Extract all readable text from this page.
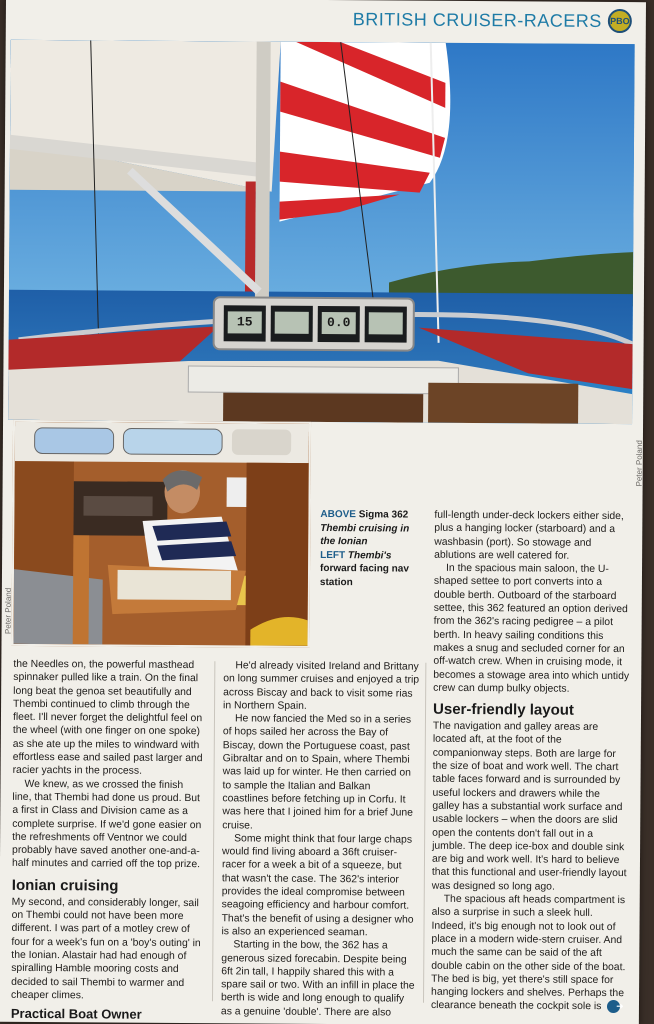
BRITISH CRUISER-RACERS PBO
15	0.0
Peter Poland
Peter Poland
ABOVE Sigma 362 Thembi cruising in the Ionian
LEFT Thembi's forward facing nav station

the Needles on, the powerful masthead spinnaker pulled like a train. On the final long beat the genoa set beautifully and Thembi continued to climb through the fleet. I'll never forget the delightful feel on the wheel (with one finger on one spoke) as she ate up the miles to windward with effortless ease and sailed past larger and racier yachts in the process.

We knew, as we crossed the finish line, that Thembi had done us proud. But a first in Class and Division came as a complete surprise. If we'd gone easier on the refreshments off Ventnor we could probably have saved another one-and-a-half minutes and carried off the top prize.

Ionian cruising

My second, and considerably longer, sail on Thembi could not have been more different. I was part of a motley crew of four for a week's fun on a 'boy's outing' in the Ionian. Alastair had had enough of spiralling Hamble mooring costs and decided to sail Thembi to warmer and cheaper climes.

He'd already visited Ireland and Brittany on long summer cruises and enjoyed a trip across Biscay and back to visit some rias in Northern Spain.

He now fancied the Med so in a series of hops sailed her across the Bay of Biscay, down the Portuguese coast, past Gibraltar and on to Spain, where Thembi was laid up for winter. He then carried on to sample the Italian and Balkan coastlines before fetching up in Corfu. It was here that I joined him for a brief June cruise.

Some might think that four large chaps would find living aboard a 36ft cruiser-racer for a week a bit of a squeeze, but that wasn't the case. The 362's interior provides the ideal compromise between seagoing efficiency and harbour comfort. That's the benefit of using a designer who is also an experienced seaman.

Starting in the bow, the 362 has a generous sized forecabin. Despite being 6ft 2in tall, I happily shared this with a spare sail or two. With an infill in place the berth is wide and long enough to qualify as a genuine 'double'. There are also

full-length under-deck lockers either side, plus a hanging locker (starboard) and a washbasin (port). So stowage and ablutions are well catered for.

In the spacious main saloon, the U-shaped settee to port converts into a double berth. Outboard of the starboard settee, this 362 featured an option derived from the 362's racing pedigree – a pilot berth. In heavy sailing conditions this makes a snug and secluded corner for an off-watch crew. When in cruising mode, it becomes a stowage area into which untidy crew can dump bulky objects.

User-friendly layout

The navigation and galley areas are located aft, at the foot of the companionway steps. Both are large for the size of boat and work well. The chart table faces forward and is surrounded by useful lockers and drawers while the galley has a substantial work surface and usable lockers – when the doors are slid open the contents don't fall out in a jumble. The deep ice-box and double sink are big and work well. It's hard to believe that this functional and user-friendly layout was designed so long ago.

The spacious aft heads compartment is also a surprise in such a sleek hull. Indeed, it's big enough not to look out of place in a modern wide-stern cruiser. And much the same can be said of the aft double cabin on the other side of the boat. The bed is big, yet there's still space for hanging lockers and shelves. Perhaps the clearance beneath the cockpit sole is ➜

Practical Boat Owner
